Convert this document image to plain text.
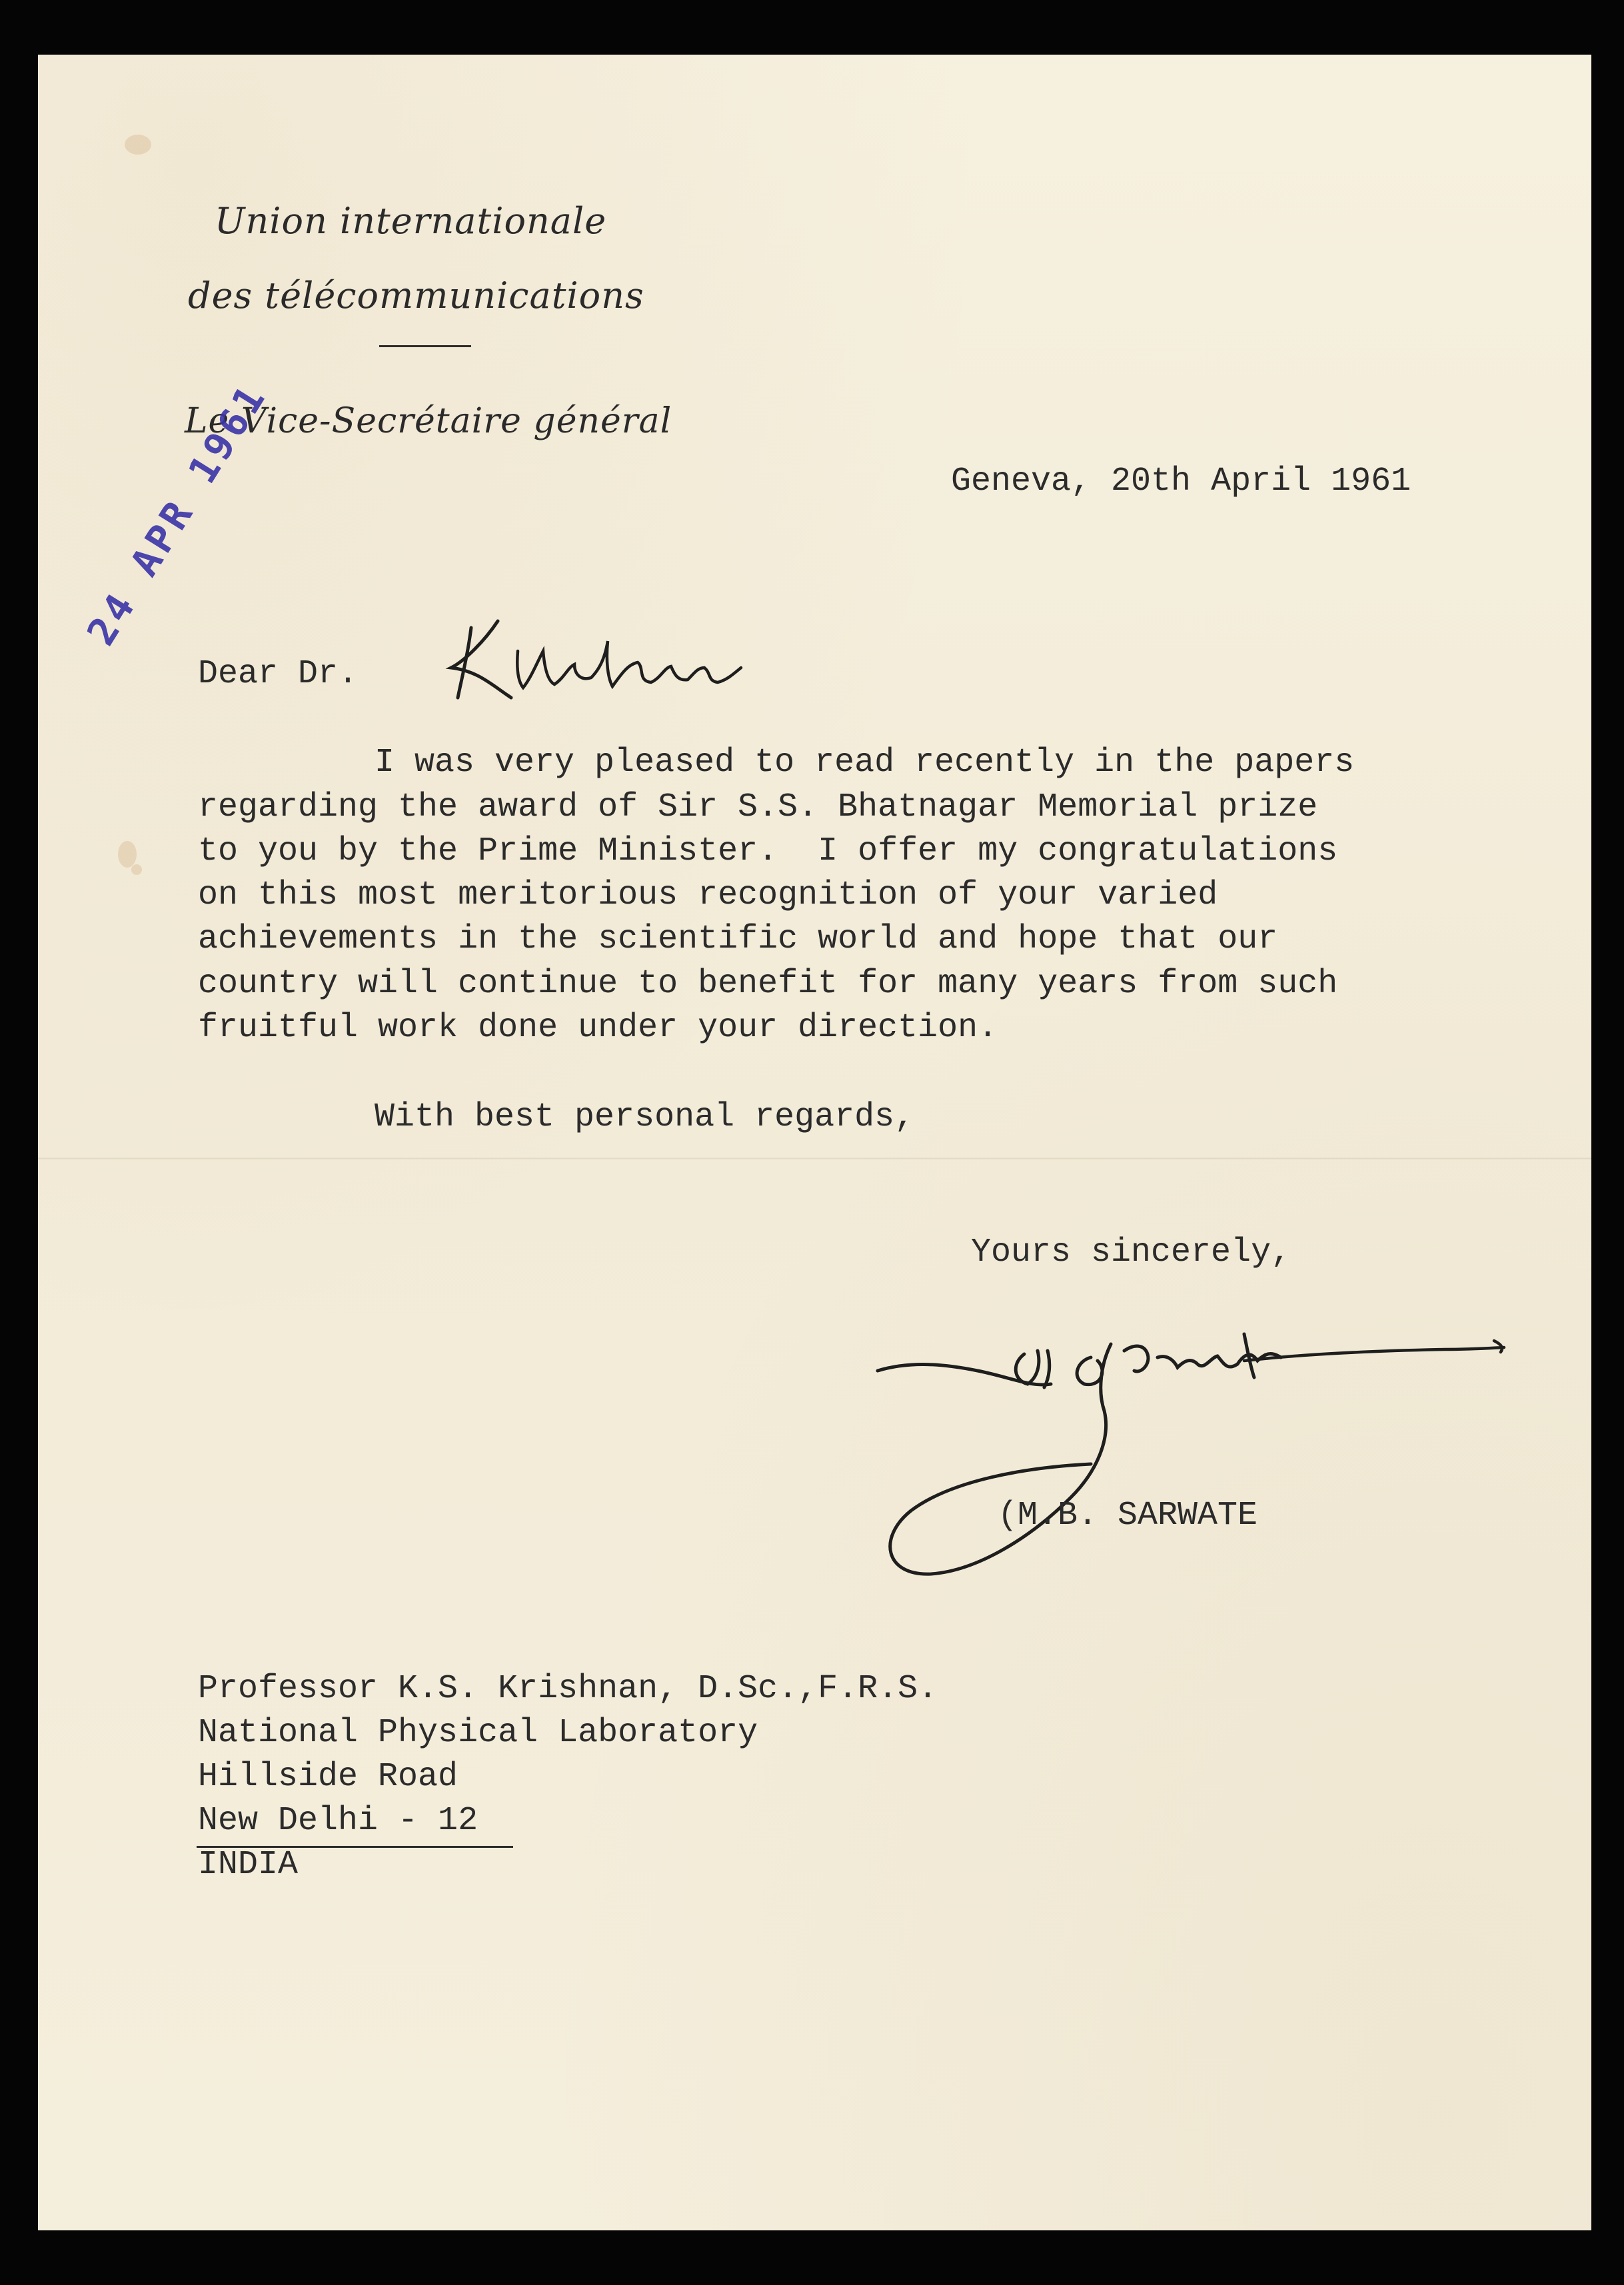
Union internationale
des télécommunications
Le Vice-Secrétaire général
24 APR 1961	Geneva, 20th April 1961
Dear Dr.
Krishnan
I was very pleased to read recently in the papers
regarding the award of Sir S.S. Bhatnagar Memorial prize
to you by the Prime Minister.  I offer my congratulations
on this most meritorious recognition of your varied
achievements in the scientific world and hope that our
country will continue to benefit for many years from such
fruitful work done under your direction.
With best personal regards,
Yours sincerely,
(M.B. SARWATE
Professor K.S. Krishnan, D.Sc.,F.R.S.
National Physical Laboratory
Hillside Road
New Delhi - 12
INDIA
